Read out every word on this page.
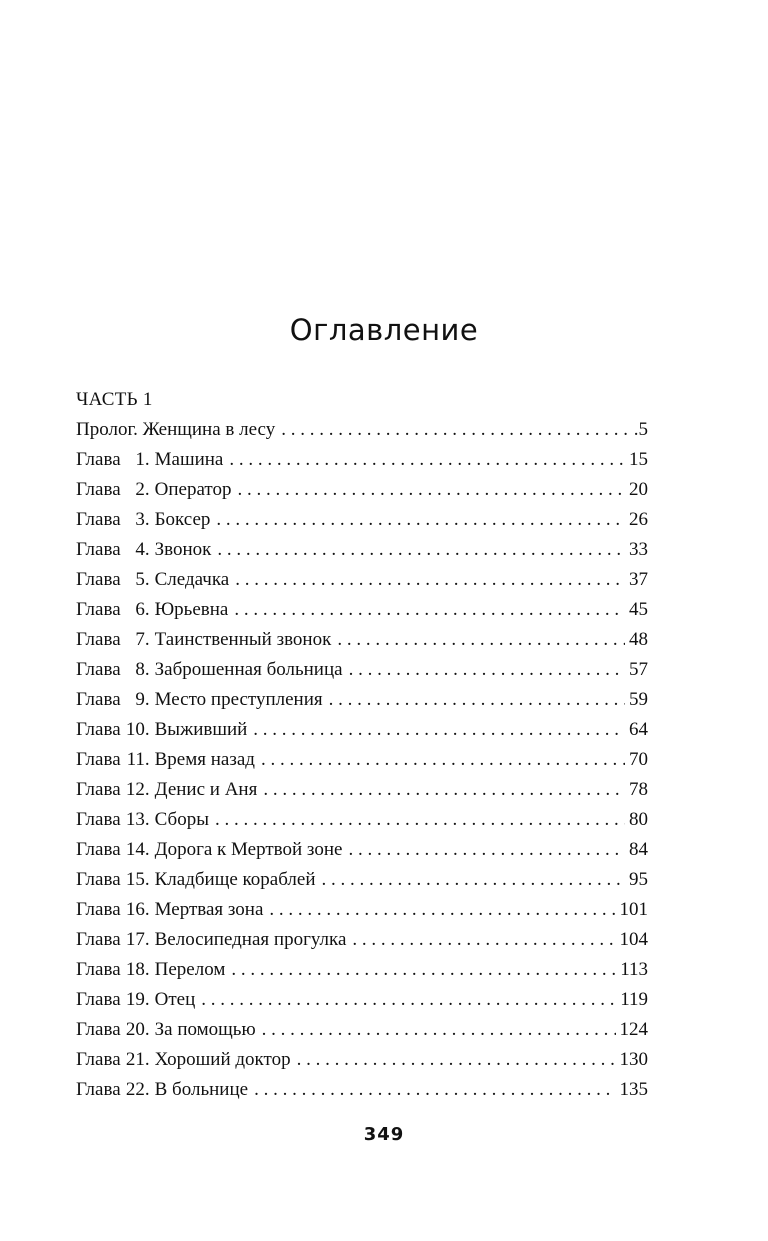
Оглавление
ЧАСТЬ 1
Пролог. Женщина в лесу . . .	.5
Глава 1. Машина . . .	15
Глава 2. Оператор . . .	20
Глава 3. Боксер . . .	26
Глава 4. Звонок . . .	33
Глава 5. Следачка . . .	37
Глава 6. Юрьевна . . .	45
Глава 7. Таинственный звонок . . .	48
Глава 8. Заброшенная больница . . .	57
Глава 9. Место преступления . . .	59
Глава 10. Выживший . . .	64
Глава 11. Время назад . . .	70
Глава 12. Денис и Аня . . .	78
Глава 13. Сборы . . .	80
Глава 14. Дорога к Мертвой зоне . . .	84
Глава 15. Кладбище кораблей . . .	95
Глава 16. Мертвая зона . . .	101
Глава 17. Велосипедная прогулка . . .	104
Глава 18. Перелом . . .	113
Глава 19. Отец . . .	119
Глава 20. За помощью . . .	124
Глава 21. Хороший доктор . . .	130
Глава 22. В больнице . . .	135
349
